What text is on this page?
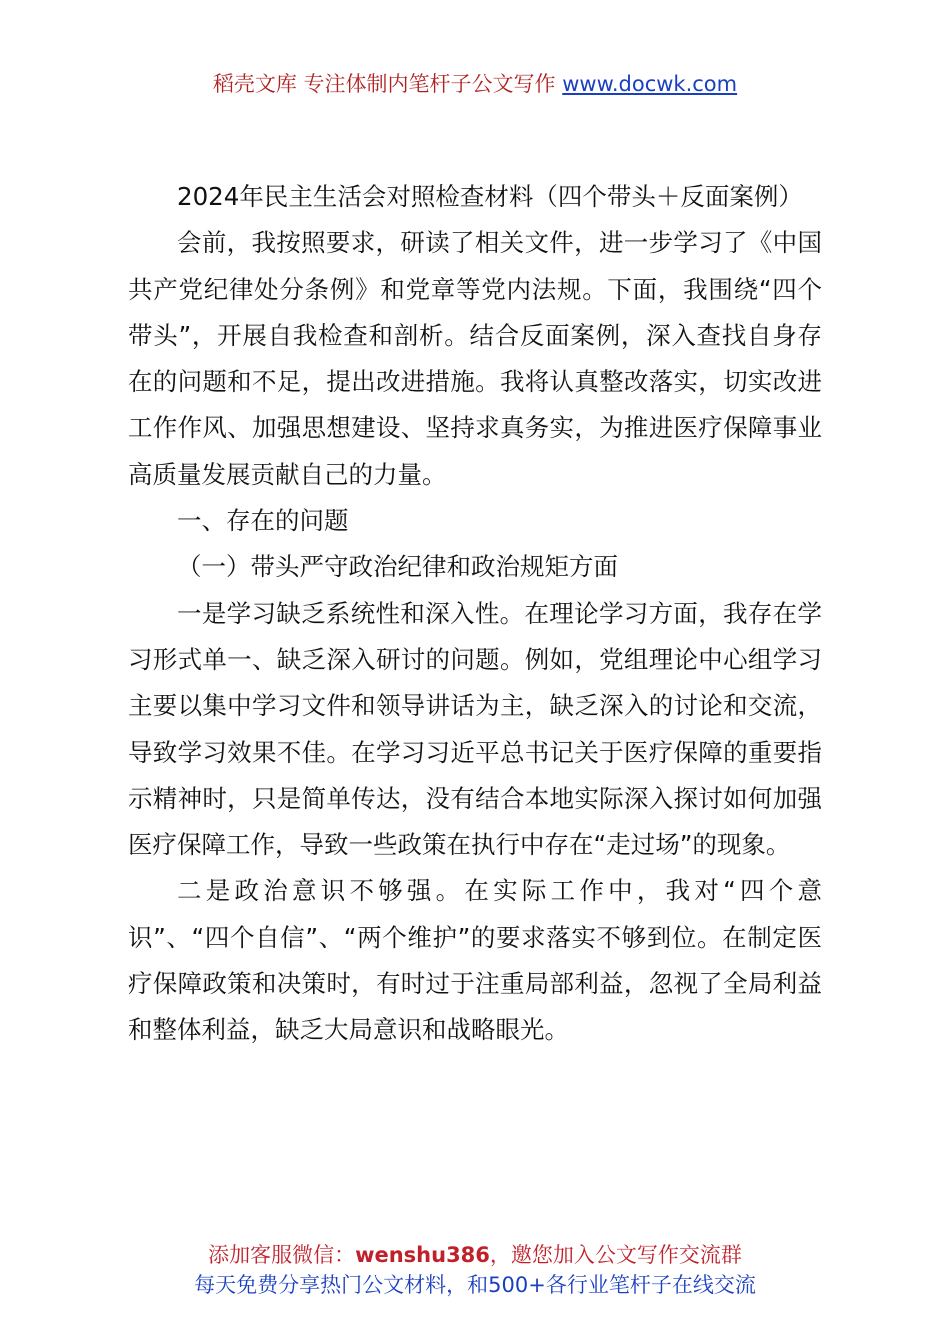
稻壳文库 专注体制内笔杆子公文写作 www.docwk.com

2024年民主生活会对照检查材料（四个带头＋反面案例）

会前，我按照要求，研读了相关文件，进一步学习了《中国共产党纪律处分条例》和党章等党内法规。下面，我围绕“四个带头”，开展自我检查和剖析。结合反面案例，深入查找自身存在的问题和不足，提出改进措施。我将认真整改落实，切实改进工作作风、加强思想建设、坚持求真务实，为推进医疗保障事业高质量发展贡献自己的力量。

一、存在的问题

（一）带头严守政治纪律和政治规矩方面

一是学习缺乏系统性和深入性。在理论学习方面，我存在学习形式单一、缺乏深入研讨的问题。例如，党组理论中心组学习主要以集中学习文件和领导讲话为主，缺乏深入的讨论和交流，导致学习效果不佳。在学习习近平总书记关于医疗保障的重要指示精神时，只是简单传达，没有结合本地实际深入探讨如何加强医疗保障工作，导致一些政策在执行中存在“走过场”的现象。

二是政治意识不够强。在实际工作中，我对“四个意识”、“四个自信”、“两个维护”的要求落实不够到位。在制定医疗保障政策和决策时，有时过于注重局部利益，忽视了全局利益和整体利益，缺乏大局意识和战略眼光。

添加客服微信：wenshu386，邀您加入公文写作交流群
每天免费分享热门公文材料，和500+各行业笔杆子在线交流
